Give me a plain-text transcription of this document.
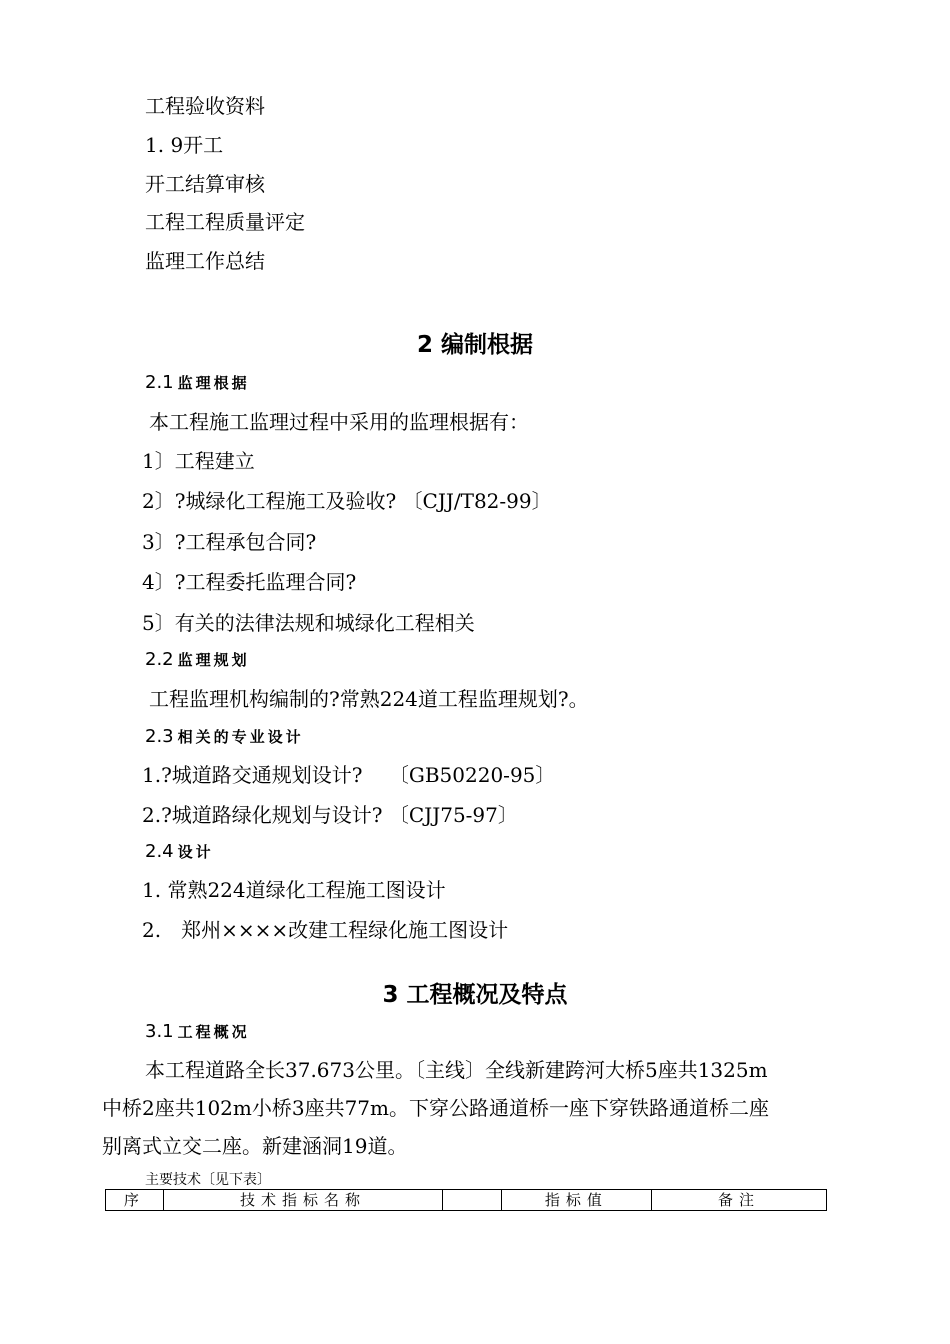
工程验收资料
1. 9开工
开工结算审核
工程工程质量评定
监理工作总结
2 编制根据
2.1 监理根据
本工程施工监理过程中采用的监理根据有：
1〕工程建立
2〕?城绿化工程施工及验收? 〔CJJ/T82-99〕
3〕?工程承包合同?
4〕?工程委托监理合同?
5〕有关的法律法规和城绿化工程相关
2.2 监理规划
工程监理机构编制的?常熟224道工程监理规划?。
2.3 相关的专业设计
1.?城道路交通规划设计?　 〔GB50220-95〕
2.?城道路绿化规划与设计? 〔CJJ75-97〕
2.4 设计
1. 常熟224道绿化工程施工图设计
2.　郑州××××改建工程绿化施工图设计
3 工程概况及特点
3.1 工程概况
本工程道路全长37.673公里。〔主线〕全线新建跨河大桥5座共1325m
中桥2座共102m小桥3座共77m。下穿公路通道桥一座下穿铁路通道桥二座
别离式立交二座。新建涵洞19道。
主要技术〔见下表〕
序	技术指标名称		指标值	备注
